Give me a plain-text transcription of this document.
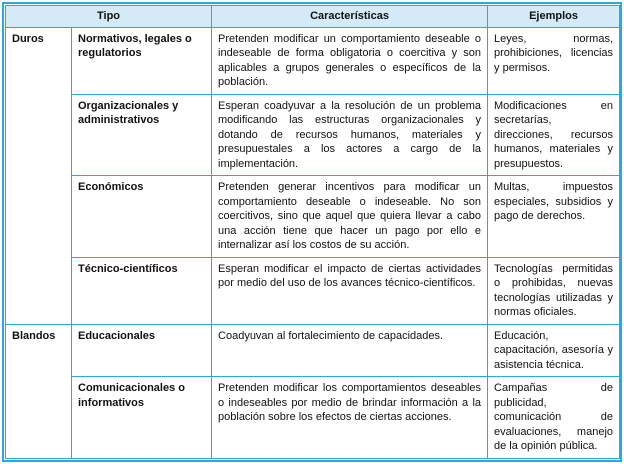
Tipo		Características	Ejemplos
Duros	Normativos, legales o regulatorios	Pretenden modificar un comportamiento deseable o indeseable de forma obligatoria o coercitiva y son aplicables a grupos generales o específicos de la población.	Leyes, normas, prohibiciones, licencias y permisos.
	Organizacionales y administrativos	Esperan coadyuvar a la resolución de un problema modificando las estructuras organizacionales y dotando de recursos humanos, materiales y presupuestales a los actores a cargo de la implementación.	Modificaciones en secretarías, direcciones, recursos humanos, materiales y presupuestos.
	Económicos	Pretenden generar incentivos para modificar un comportamiento deseable o indeseable. No son coercitivos, sino que aquel que quiera llevar a cabo una acción tiene que hacer un pago por ello e internalizar así los costos de su acción.	Multas, impuestos especiales, subsidios y pago de derechos.
	Técnico-científicos	Esperan modificar el impacto de ciertas actividades por medio del uso de los avances técnico-científicos.	Tecnologías permitidas o prohibidas, nuevas tecnologías utilizadas y normas oficiales.
Blandos	Educacionales	Coadyuvan al fortalecimiento de capacidades.	Educación, capacitación, asesoría y asistencia técnica.
	Comunicacionales o informativos	Pretenden modificar los comportamientos deseables o indeseables por medio de brindar información a la población sobre los efectos de ciertas acciones.	Campañas de publicidad, comunicación de evaluaciones, manejo de la opinión pública.
